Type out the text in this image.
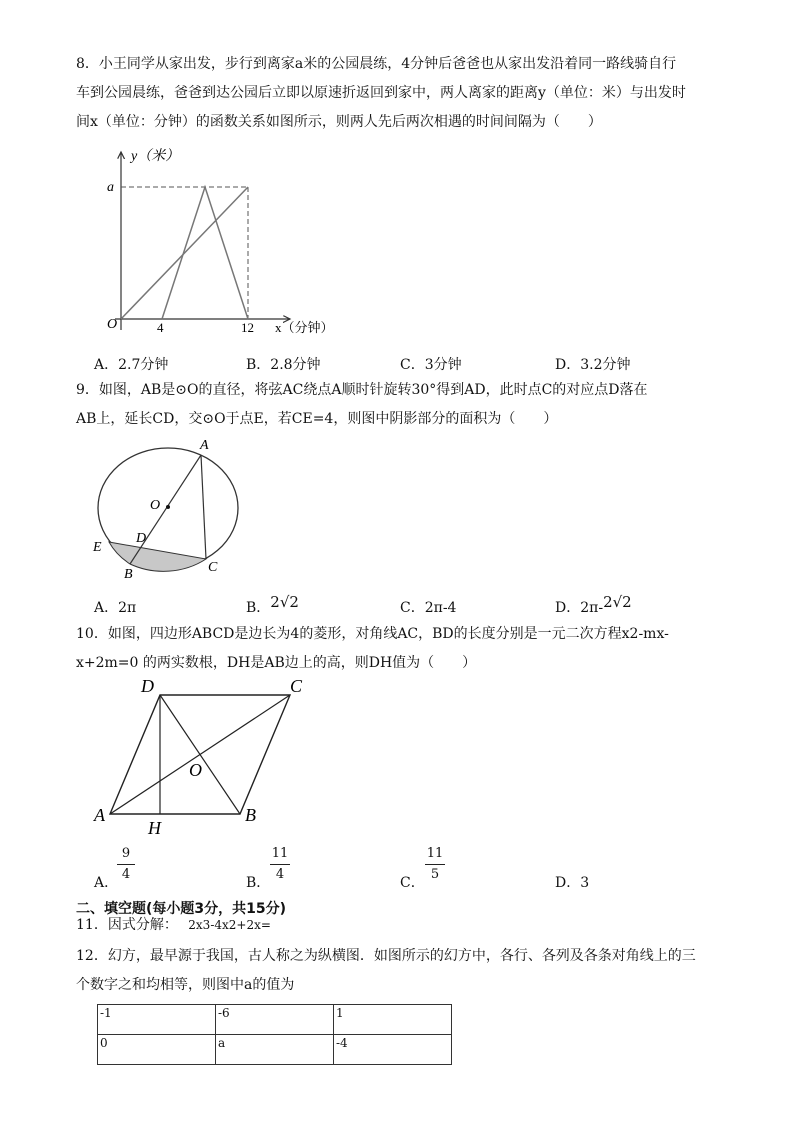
8．小王同学从家出发，步行到离家a米的公园晨练，4分钟后爸爸也从家出发沿着同一路线骑自行
车到公园晨练，爸爸到达公园后立即以原速折返回到家中，两人离家的距离y（单位：米）与出发时
间x（单位：分钟）的函数关系如图所示，则两人先后两次相遇的时间间隔为（　　）
y（米）
a
O	4	12 x（分钟）
A．2.7分钟	B．2.8分钟	C．3分钟	D．3.2分钟
9．如图，AB是⊙O的直径，将弦AC绕点A顺时针旋转30°得到AD，此时点C的对应点D落在
AB上，延长CD，交⊙O于点E，若CE=4，则图中阴影部分的面积为（　　）
A
O
D
E
B	C
A．2π	B．2√2	C．2π-4	D．2π-2√2
10．如图，四边形ABCD是边长为4的菱形，对角线AC，BD的长度分别是一元二次方程x2-mx-
x+2m=0 的两实数根，DH是AB边上的高，则DH值为（　　）
D	C
O
A
H
B
A．
9
4
B．
11
4
C．
11
5
D．3
二、填空题(每小题3分，共15分)
11．因式分解： 2x3-4x2+2x=
12．幻方，最早源于我国，古人称之为纵横图．如图所示的幻方中，各行、各列及各条对角线上的三
个数字之和均相等，则图中a的值为
-1	-6	1
0	a	-4
